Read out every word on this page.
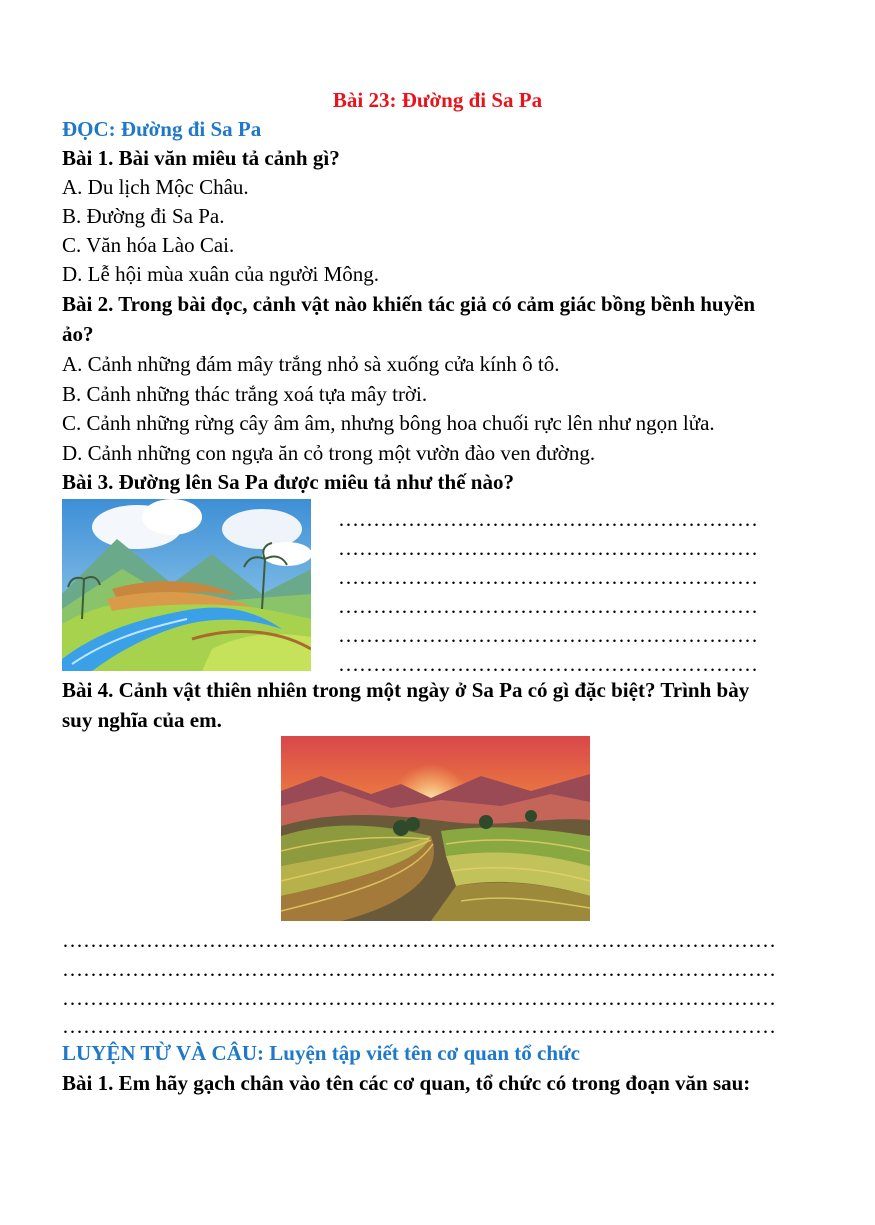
Bài 23: Đường đi Sa Pa
ĐỌC: Đường đi Sa Pa
Bài 1. Bài văn miêu tả cảnh gì?
A. Du lịch Mộc Châu.
B. Đường đi Sa Pa.
C. Văn hóa Lào Cai.
D. Lễ hội mùa xuân của người Mông.
Bài 2. Trong bài đọc, cảnh vật nào khiến tác giả có cảm giác bồng bềnh huyền
ảo?
A. Cảnh những đám mây trắng nhỏ sà xuống cửa kính ô tô.
B. Cảnh những thác trắng xoá tựa mây trời.
C. Cảnh những rừng cây âm âm, nhưng bông hoa chuối rực lên như ngọn lửa.
D. Cảnh những con ngựa ăn cỏ trong một vườn đào ven đường.
Bài 3. Đường lên Sa Pa được miêu tả như thế nào?
……………………………………………………
……………………………………………………
……………………………………………………
……………………………………………………
……………………………………………………
……………………………………………………
Bài 4. Cảnh vật thiên nhiên trong một ngày ở Sa Pa có gì đặc biệt? Trình bày
suy nghĩa của em.
…………………………………………………………………………………………
…………………………………………………………………………………………
…………………………………………………………………………………………
…………………………………………………………………………………………
LUYỆN TỪ VÀ CÂU: Luyện tập viết tên cơ quan tổ chức
Bài 1. Em hãy gạch chân vào tên các cơ quan, tổ chức có trong đoạn văn sau:
